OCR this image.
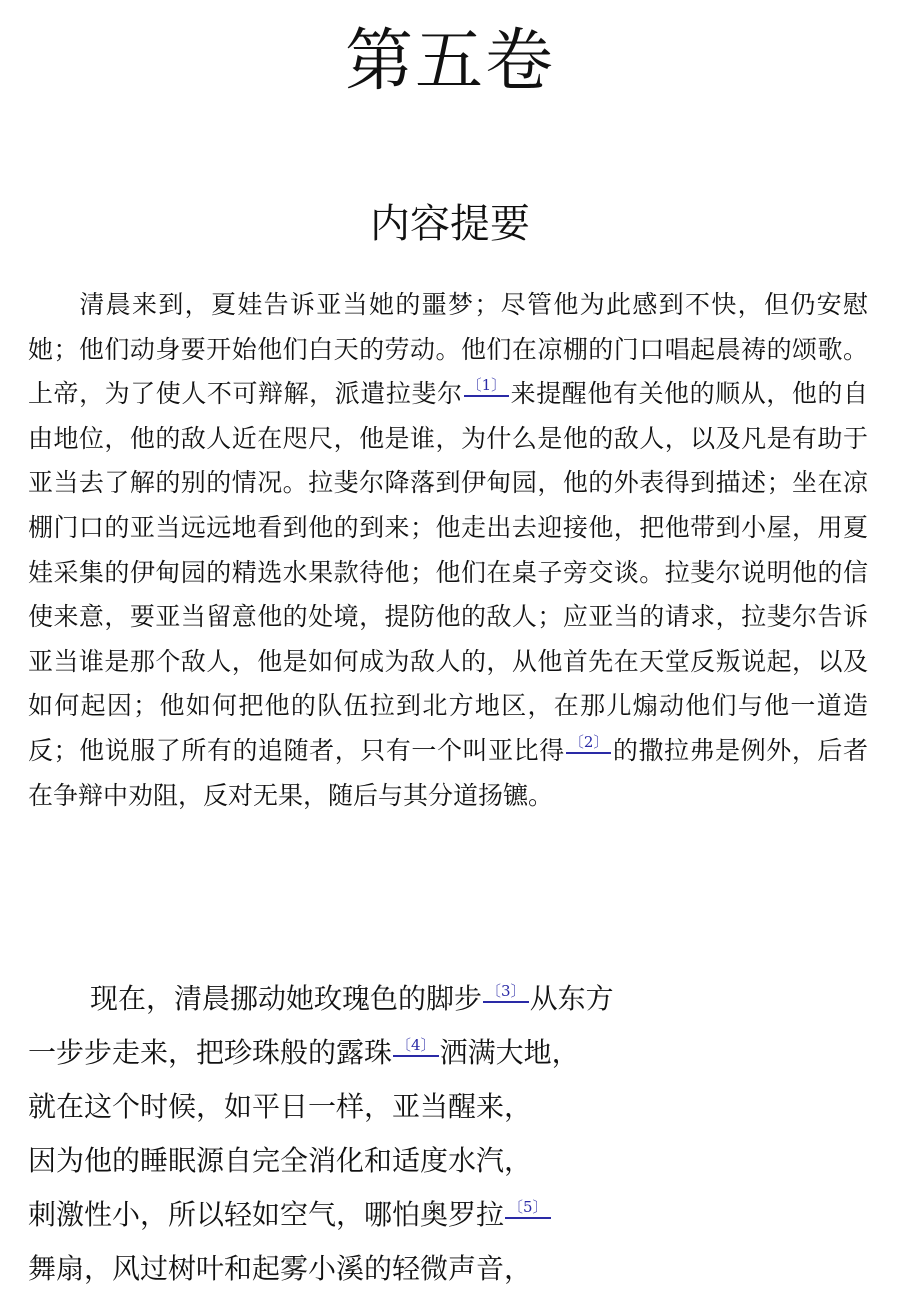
第五卷
内容提要

清晨来到，夏娃告诉亚当她的噩梦；尽管他为此感到不快，但仍安慰她；他们动身要开始他们白天的劳动。他们在凉棚的门口唱起晨祷的颂歌。上帝，为了使人不可辩解，派遣拉斐尔 〔1〕 来提醒他有关他的顺从，他的自由地位，他的敌人近在咫尺，他是谁，为什么是他的敌人，以及凡是有助于亚当去了解的别的情况。拉斐尔降落到伊甸园，他的外表得到描述；坐在凉棚门口的亚当远远地看到他的到来；他走出去迎接他，把他带到小屋，用夏娃采集的伊甸园的精选水果款待他；他们在桌子旁交谈。拉斐尔说明他的信使来意，要亚当留意他的处境，提防他的敌人；应亚当的请求，拉斐尔告诉亚当谁是那个敌人，他是如何成为敌人的，从他首先在天堂反叛说起，以及如何起因；他如何把他的队伍拉到北方地区，在那儿煽动他们与他一道造反；他说服了所有的追随者，只有一个叫亚比得 〔2〕 的撒拉弗是例外，后者在争辩中劝阻，反对无果，随后与其分道扬镳。

现在，清晨挪动她玫瑰色的脚步 〔3〕 从东方
一步步走来，把珍珠般的露珠 〔4〕 洒满大地，
就在这个时候，如平日一样，亚当醒来，
因为他的睡眠源自完全消化和适度水汽，
刺激性小，所以轻如空气，哪怕奥罗拉 〔5〕
舞扇，风过树叶和起雾小溪的轻微声音，
